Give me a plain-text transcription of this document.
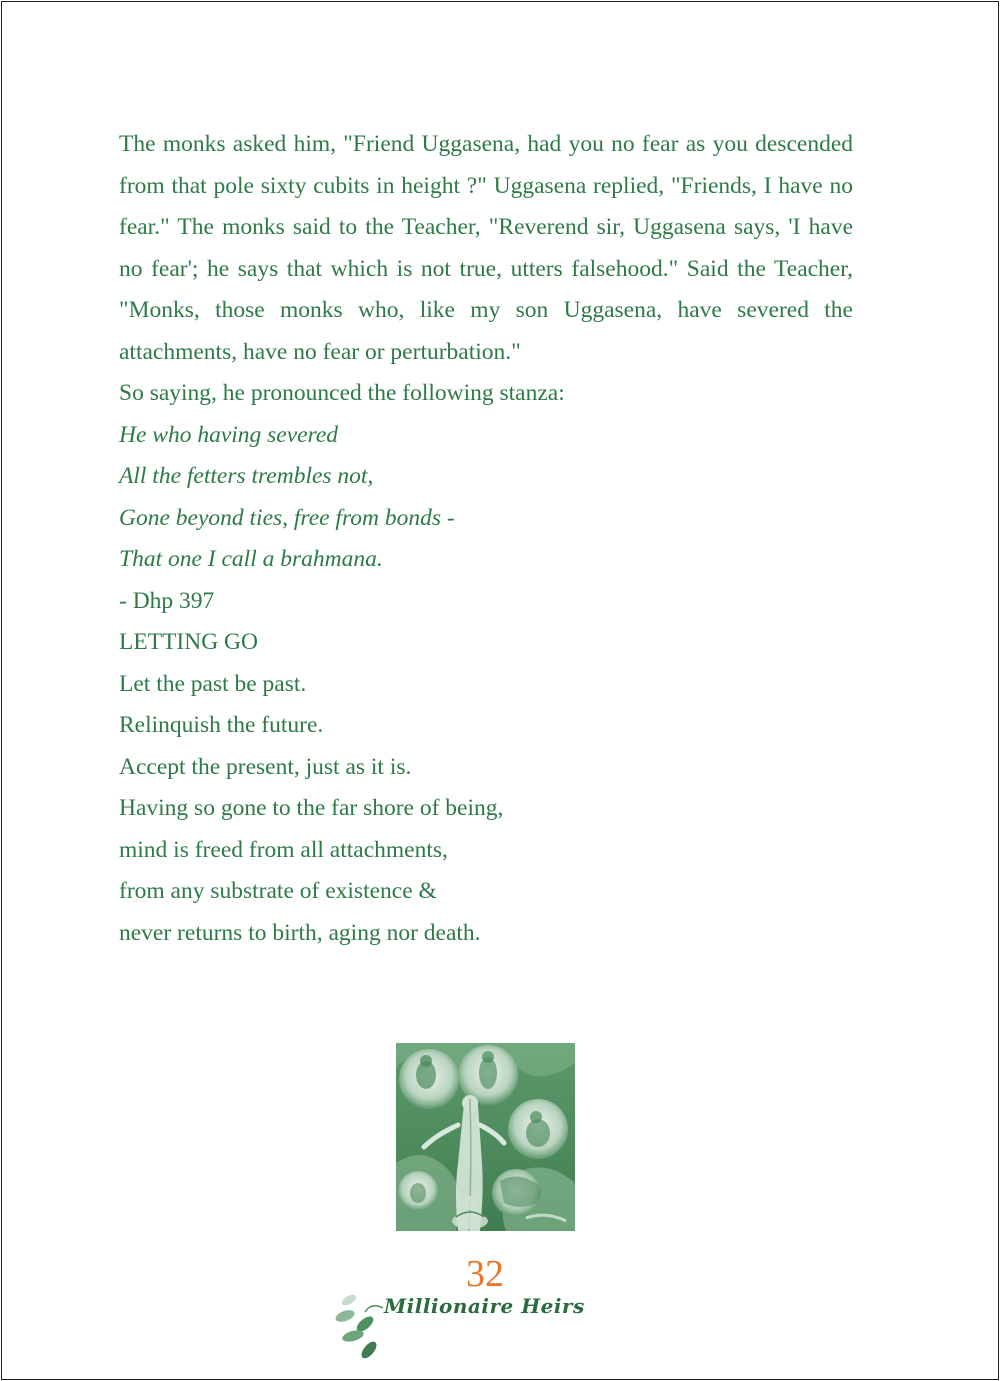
The monks asked him, "Friend Uggasena, had you no fear as you descended from that pole sixty cubits in height ?" Uggasena replied, "Friends, I have no fear." The monks said to the Teacher, "Reverend sir, Uggasena says, 'I have no fear'; he says that which is not true, utters falsehood." Said the Teacher, "Monks, those monks who, like my son Uggasena, have severed the attachments, have no fear or perturbation."

So saying, he pronounced the following stanza:

He who having severed

All the fetters trembles not,

Gone beyond ties, free from bonds -

That one I call a brahmana.

- Dhp 397

LETTING GO

Let the past be past.

Relinquish the future.

Accept the present, just as it is.

Having so gone to the far shore of being,

mind is freed from all attachments,

from any substrate of existence &

never returns to birth, aging nor death.

32
Millionaire Heirs
